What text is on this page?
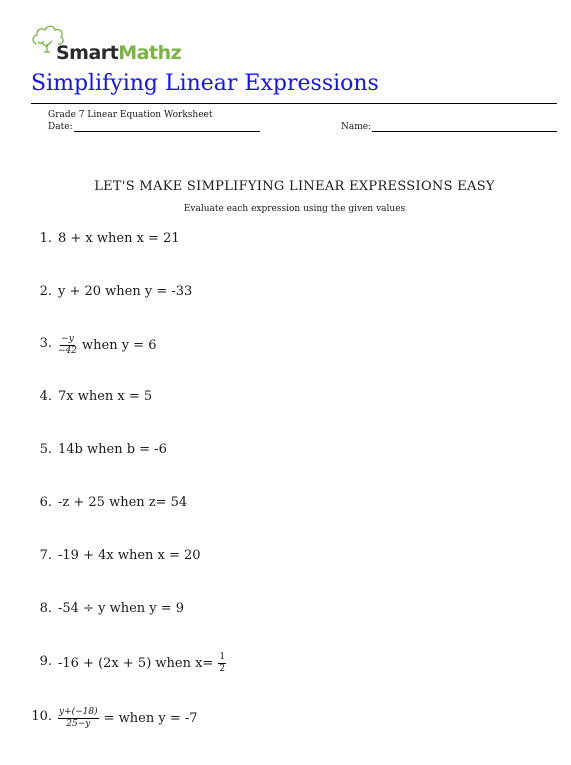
SmartMathz
Simplifying Linear Expressions
Grade 7 Linear Equation Worksheet
Date:	Name:
LET'S MAKE SIMPLIFYING LINEAR EXPRESSIONS EASY
Evaluate each expression using the given values
1. 8 + x when x = 21
2. y + 20 when y = -33
3. $\frac{-y}{-42}$ when y = 6
4. 7x when x = 5
5. 14b when b = -6
6. -z + 25 when z= 54
7. -19 + 4x when x = 20
8. -54 ÷ y when y = 9
9. -16 + (2x + 5) when $x= \frac{1}{2}$
10. $\frac{y+(-18)}{25-y}$ = when y = -7
